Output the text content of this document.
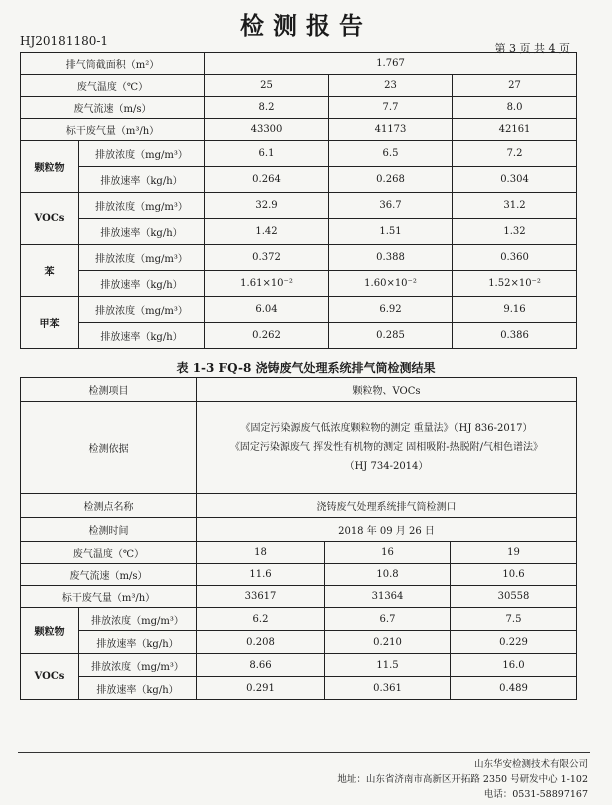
检测报告
HJ20181180-1
第 3 页 共 4 页
排气筒截面积（m²）		1.767		
废气温度（℃）		25	23	27
废气流速（m/s）		8.2	7.7	8.0
标干废气量（m³/h）		43300	41173	42161
颗粒物	排放浓度（mg/m³）	6.1	6.5	7.2
	排放速率（kg/h）	0.264	0.268	0.304
VOCs	排放浓度（mg/m³）	32.9	36.7	31.2
	排放速率（kg/h）	1.42	1.51	1.32
苯	排放浓度（mg/m³）	0.372	0.388	0.360
	排放速率（kg/h）	1.61×10⁻²	1.60×10⁻²	1.52×10⁻²
甲苯	排放浓度（mg/m³）	6.04	6.92	9.16
	排放速率（kg/h）	0.262	0.285	0.386
表 1-3 FQ-8 浇铸废气处理系统排气筒检测结果
检测项目		颗粒物、VOCs		
检测依据		《固定污染源废气低浓度颗粒物的测定 重量法》（HJ 836-2017）

《固定污染源废气 挥发性有机物的测定 固相吸附-热脱附/气相色谱法》

（HJ 734-2014）		

检测点名称		浇铸废气处理系统排气筒检测口		
检测时间		2018 年 09 月 26 日		
废气温度（℃）		18	16	19
废气流速（m/s）		11.6	10.8	10.6
标干废气量（m³/h）		33617	31364	30558
颗粒物	排放浓度（mg/m³）	6.2	6.7	7.5
	排放速率（kg/h）	0.208	0.210	0.229
VOCs	排放浓度（mg/m³）	8.66	11.5	16.0
	排放速率（kg/h）	0.291	0.361	0.489
山东华安检测技术有限公司
地址：山东省济南市高新区开拓路 2350 号研发中心 1-102
电话：0531-58897167
